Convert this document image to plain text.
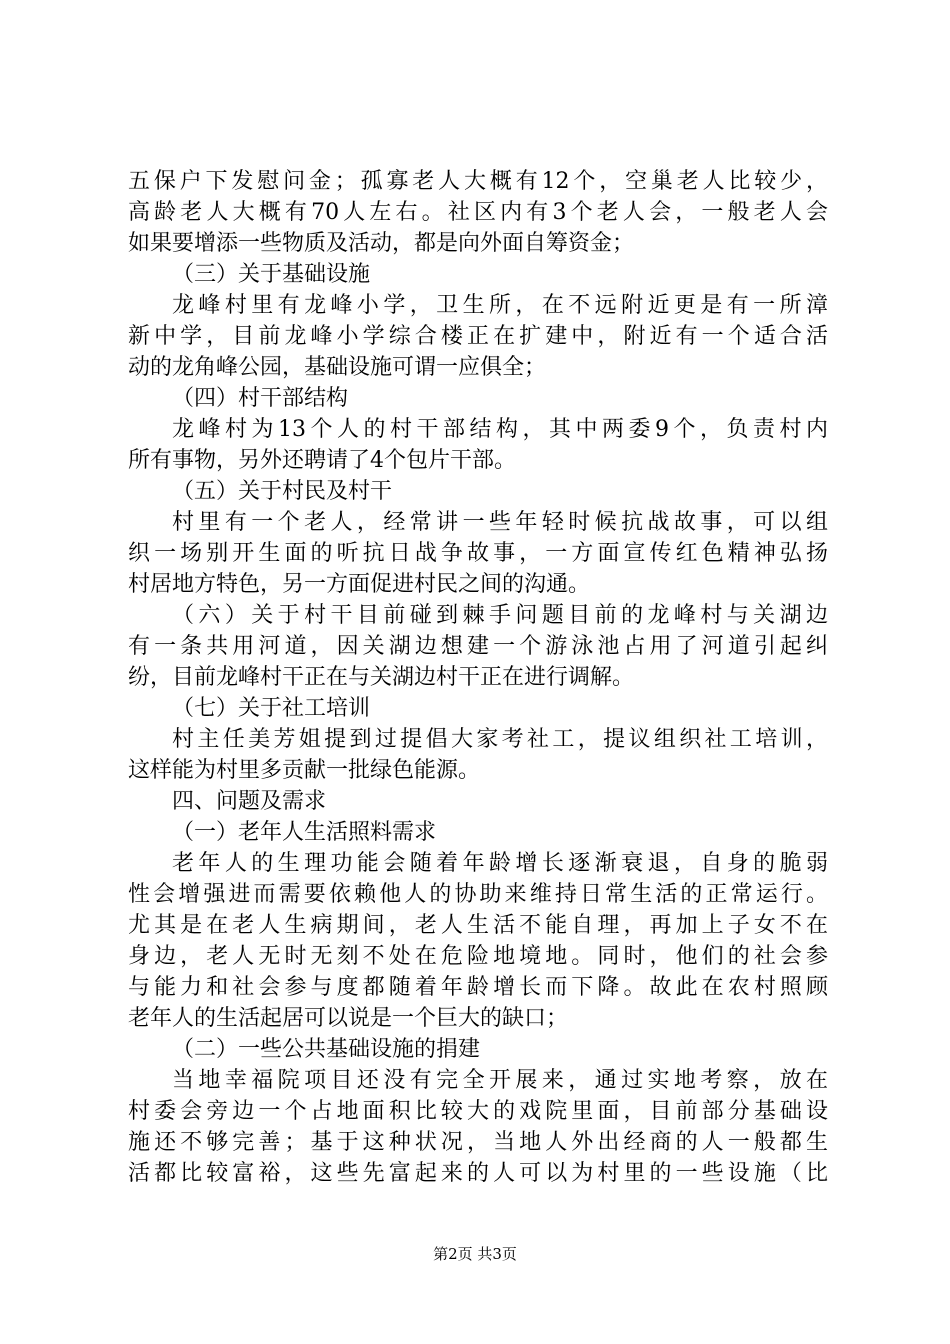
五保户下发慰问金；孤寡老人大概有12个，空巢老人比较少，
高龄老人大概有70人左右。社区内有3个老人会，一般老人会
如果要增添一些物质及活动，都是向外面自筹资金；
（三）关于基础设施
龙峰村里有龙峰小学，卫生所，在不远附近更是有一所漳
新中学，目前龙峰小学综合楼正在扩建中，附近有一个适合活
动的龙角峰公园，基础设施可谓一应俱全；
（四）村干部结构
龙峰村为13个人的村干部结构，其中两委9个，负责村内
所有事物，另外还聘请了4个包片干部。
（五）关于村民及村干
村里有一个老人，经常讲一些年轻时候抗战故事，可以组
织一场别开生面的听抗日战争故事，一方面宣传红色精神弘扬
村居地方特色，另一方面促进村民之间的沟通。
（六）关于村干目前碰到棘手问题目前的龙峰村与关湖边
有一条共用河道，因关湖边想建一个游泳池占用了河道引起纠
纷，目前龙峰村干正在与关湖边村干正在进行调解。
（七）关于社工培训
村主任美芳姐提到过提倡大家考社工，提议组织社工培训，
这样能为村里多贡献一批绿色能源。
四、问题及需求
（一）老年人生活照料需求
老年人的生理功能会随着年龄增长逐渐衰退，自身的脆弱
性会增强进而需要依赖他人的协助来维持日常生活的正常运行。
尤其是在老人生病期间，老人生活不能自理，再加上子女不在
身边，老人无时无刻不处在危险地境地。同时，他们的社会参
与能力和社会参与度都随着年龄增长而下降。故此在农村照顾
老年人的生活起居可以说是一个巨大的缺口；
（二）一些公共基础设施的捐建
当地幸福院项目还没有完全开展来，通过实地考察，放在
村委会旁边一个占地面积比较大的戏院里面，目前部分基础设
施还不够完善；基于这种状况，当地人外出经商的人一般都生
活都比较富裕，这些先富起来的人可以为村里的一些设施（比
第2页 共3页
